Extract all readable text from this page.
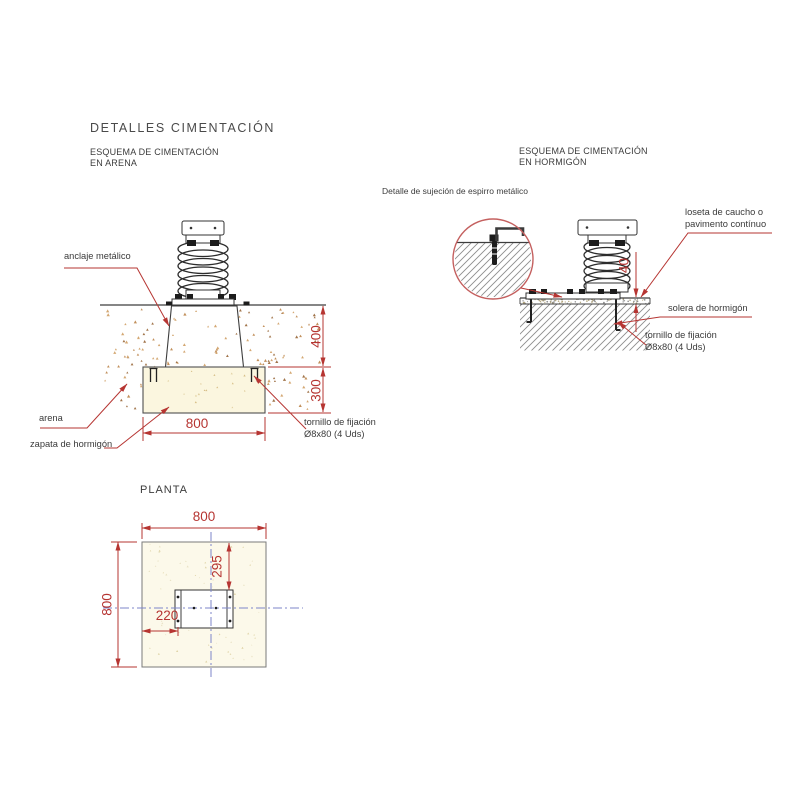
DETALLES CIMENTACIÓN
ESQUEMA DE CIMENTACIÓN
EN ARENA
ESQUEMA DE CIMENTACIÓN
EN HORMIGÓN
Detalle de sujeción de espirro metálico
anclaje metálico
arena
zapata de hormigón
tornillo de fijación
Ø8x80 (4 Uds)
400
300
800
loseta de caucho o
pavimento contínuo
solera de hormigón
tornillo de fijación
Ø8x80 (4 Uds)
40
PLANTA
800
800
295
220
